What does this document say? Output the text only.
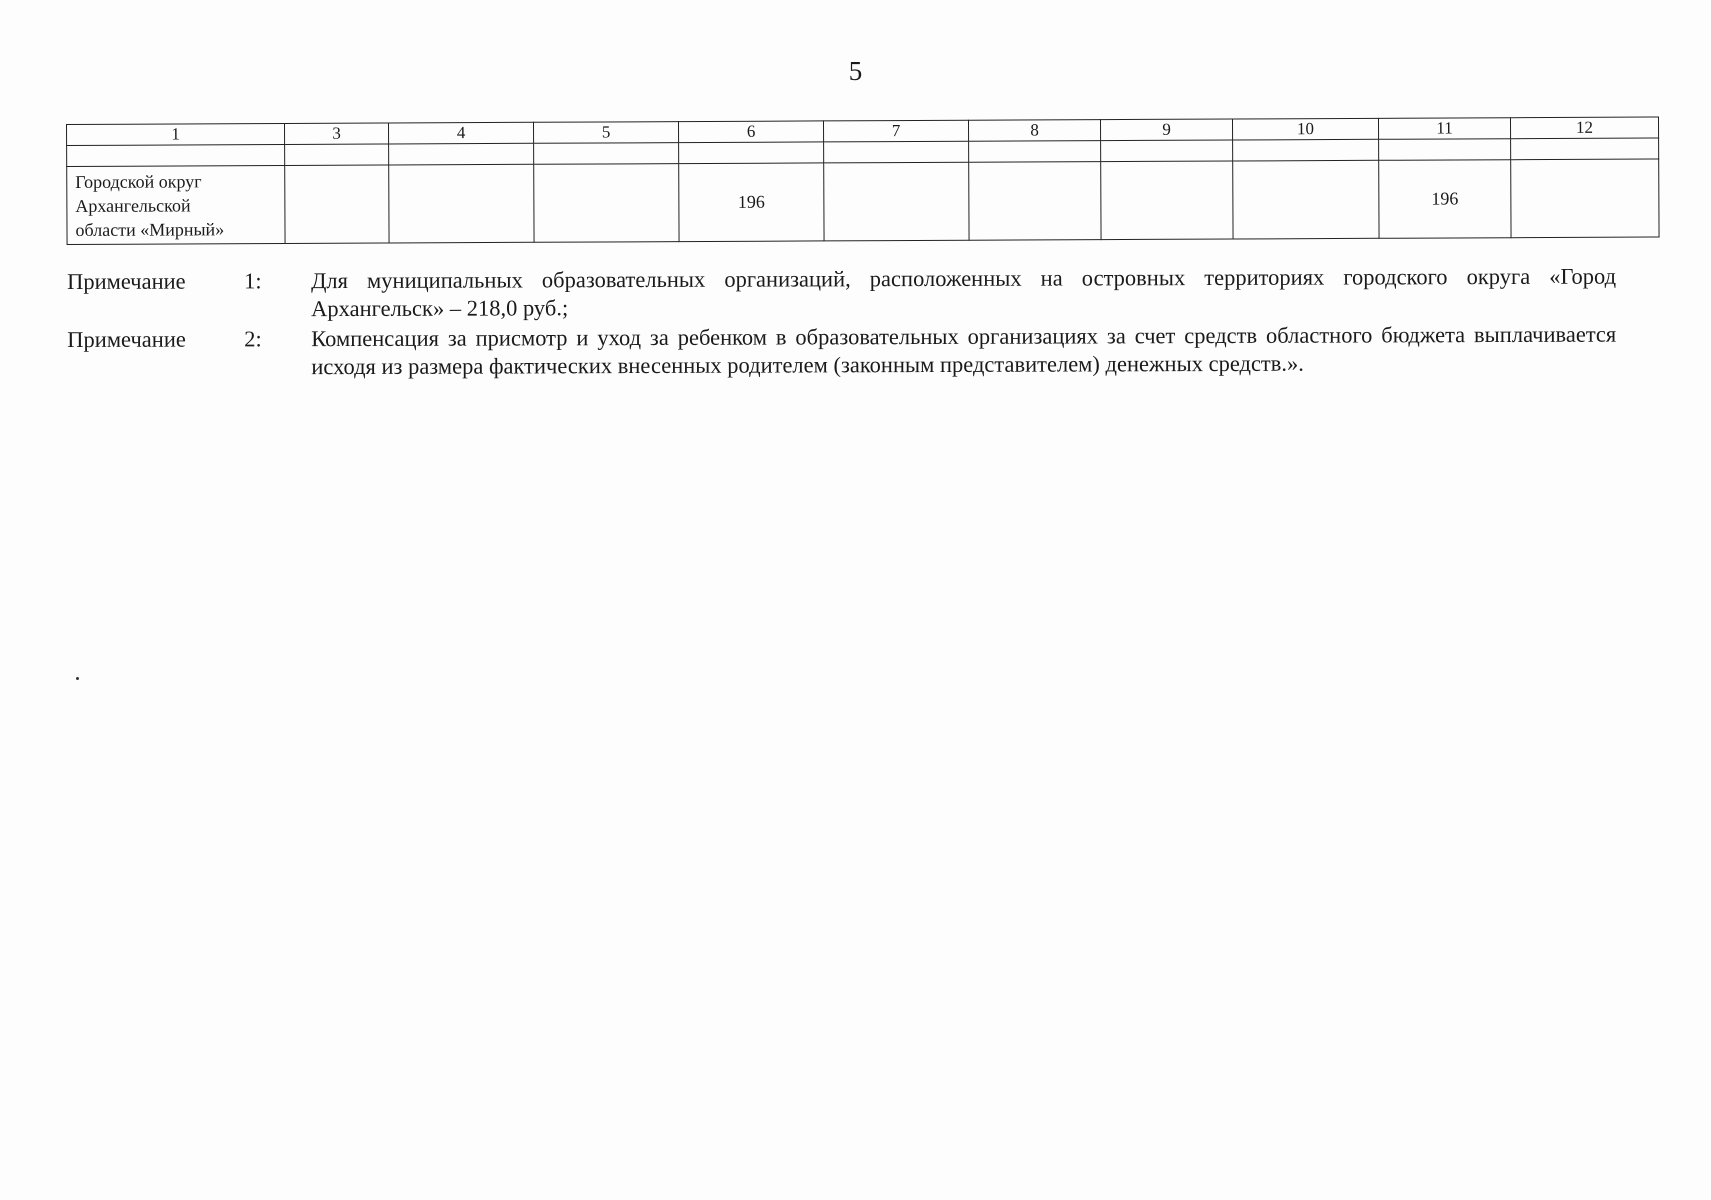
5
1	3	4	5	6	7	8	9	10	11	12

Городской округ
Архангельской
области «Мирный»				196					196	
Примечание	1:	Для муниципальных образовательных организаций, расположенных на островных территориях городского округа «Город Архангельск» – 218,0 руб.;
Примечание	2:	Компенсация за присмотр и уход за ребенком в образовательных организациях за счет средств областного бюджета выплачивается исходя из размера фактических внесенных родителем (законным представителем) денежных средств.».
